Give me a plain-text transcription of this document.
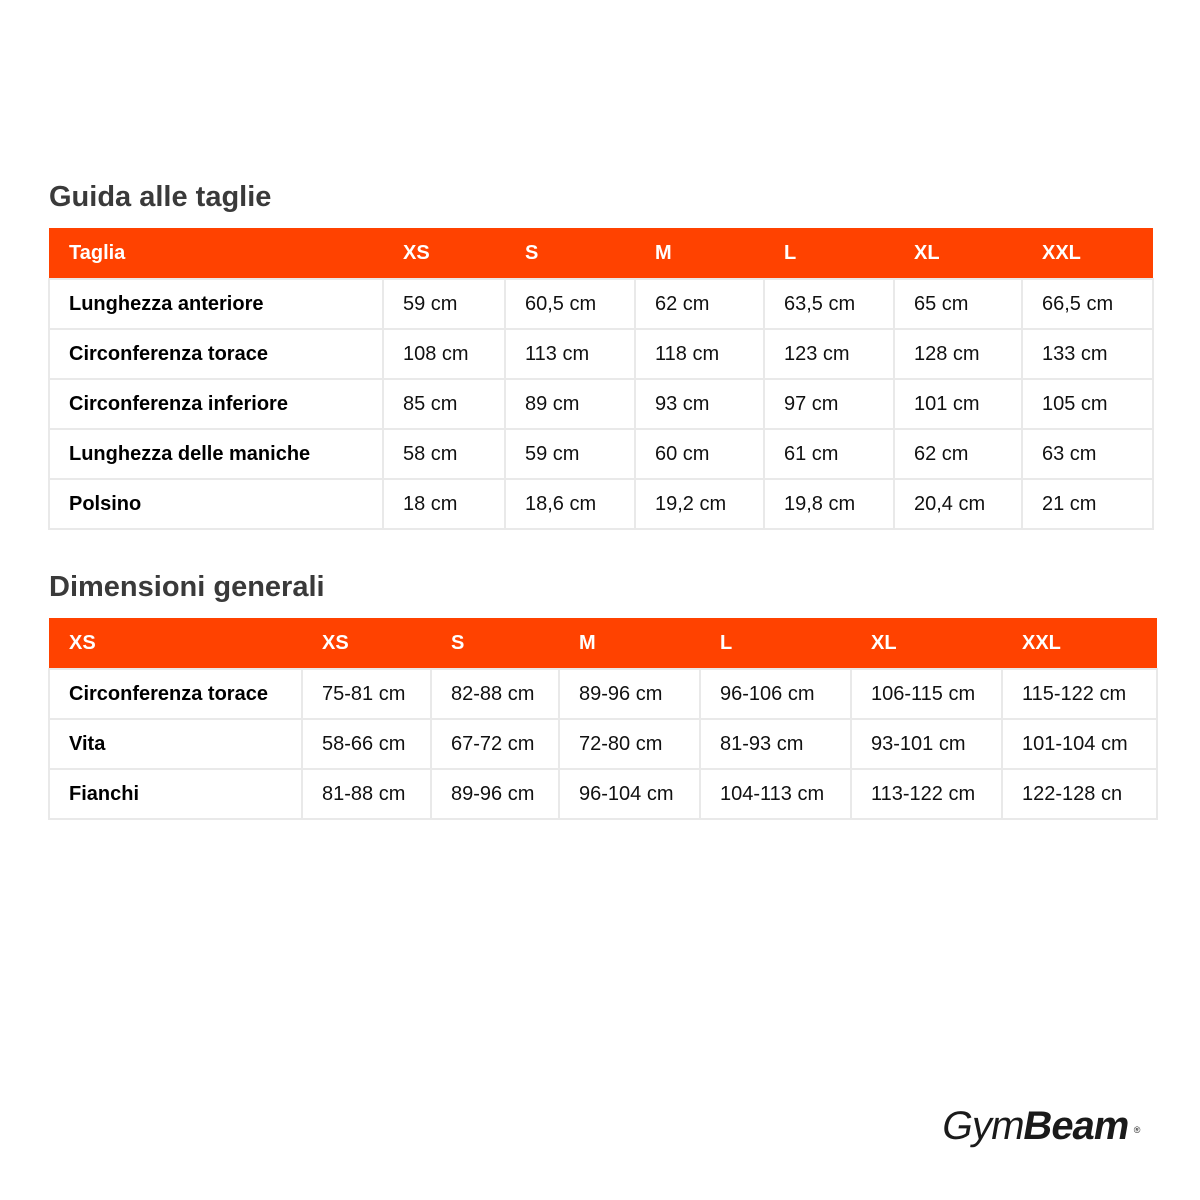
Guida alle taglie
Taglia	XS	S	M	L	XL	XXL
Lunghezza anteriore	59 cm	60,5 cm	62 cm	63,5 cm	65 cm	66,5 cm
Circonferenza torace	108 cm	113 cm	118 cm	123 cm	128 cm	133 cm
Circonferenza inferiore	85 cm	89 cm	93 cm	97 cm	101 cm	105 cm
Lunghezza delle maniche	58 cm	59 cm	60 cm	61 cm	62 cm	63 cm
Polsino	18 cm	18,6 cm	19,2 cm	19,8 cm	20,4 cm	21 cm
Dimensioni generali
XS	XS	S	M	L	XL	XXL
Circonferenza torace	75-81 cm	82-88 cm	89-96 cm	96-106 cm	106-115 cm	115-122 cm
Vita	58-66 cm	67-72 cm	72-80 cm	81-93 cm	93-101 cm	101-104 cm
Fianchi	81-88 cm	89-96 cm	96-104 cm	104-113 cm	113-122 cm	122-128 cn
GymBeam ®
